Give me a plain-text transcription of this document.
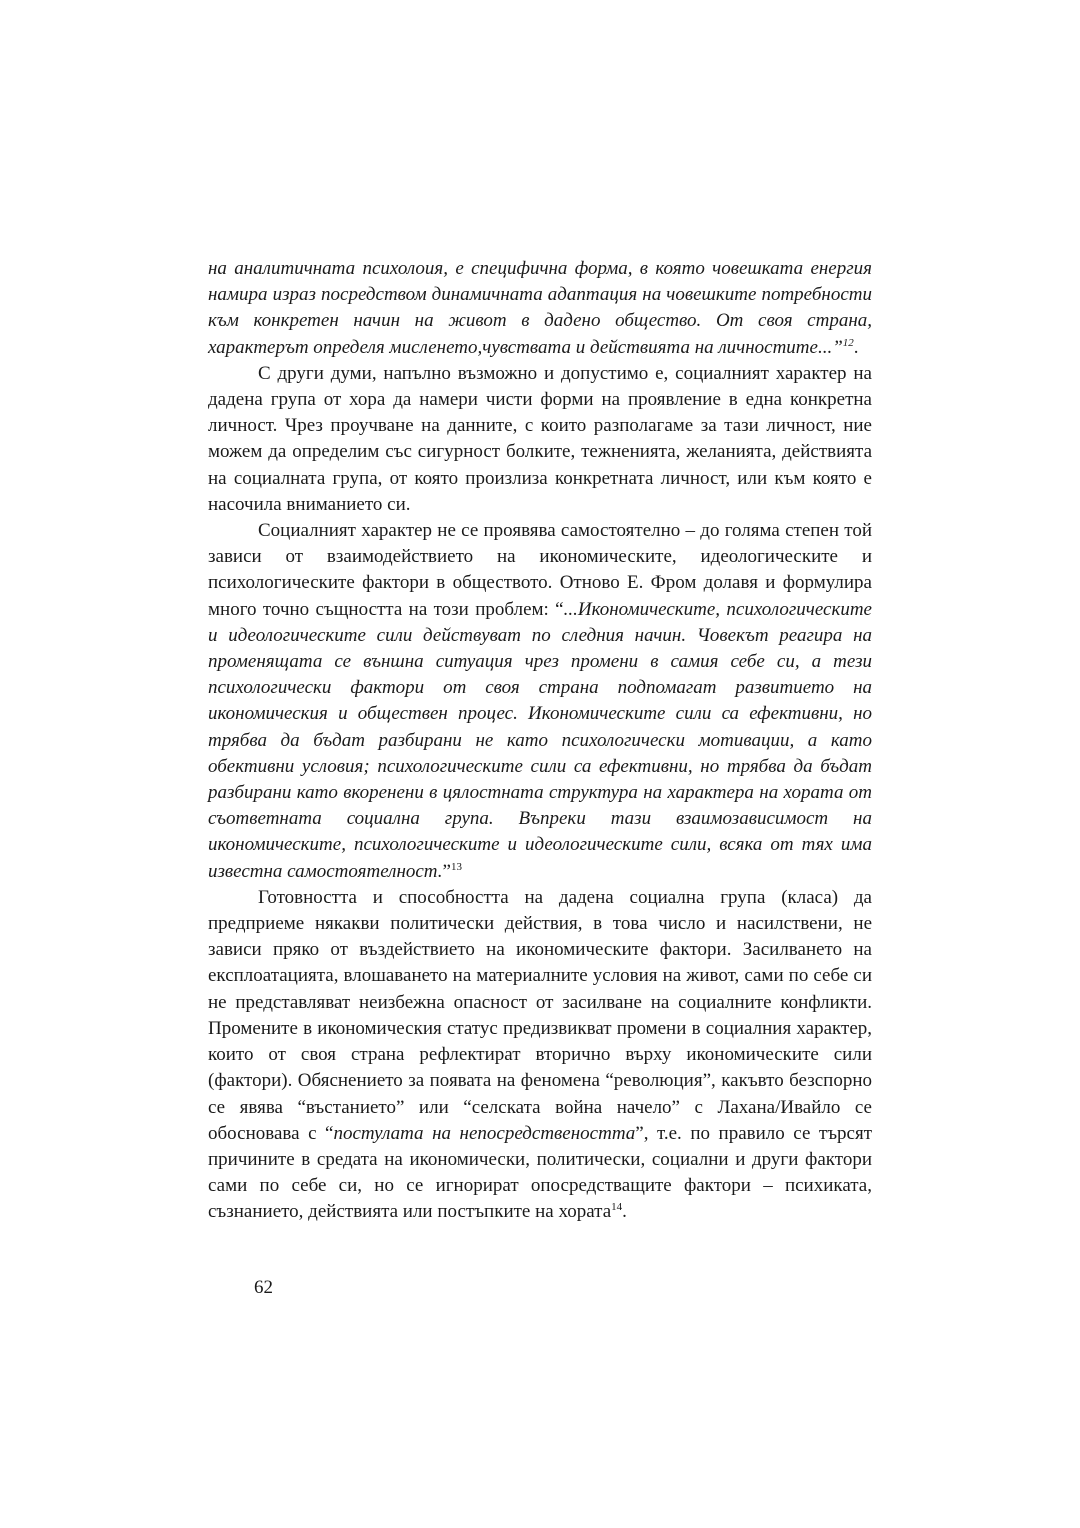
на аналитичната психолоия, е специфична форма, в която човешката енергия намира израз посредством динамичната адаптация на човешките потребности към конкретен начин на живот в дадено общество. От своя страна, характерът определя мисленето,чувствата и действията на личностите...”$^{12}$.

С други думи, напълно възможно и допустимо е, социалният характер на дадена група от хора да намери чисти форми на проявление в една конкретна личност. Чрез проучване на данните, с които разполагаме за тази личност, ние можем да определим със сигурност болките, тежненията, желанията, действията на социалната група, от която произлиза конкретната личност, или към която е насочила вниманието си.

Социалният характер не се проявява самостоятелно – до голяма степен той зависи от взаимодействието на икономическите, идеологическите и психологическите фактори в обществото. Отново Е. Фром долавя и формулира много точно същността на този проблем: “...Икономическите, психологическите и идеологическите сили действуват по следния начин. Човекът реагира на променящата се външна ситуация чрез промени в самия себе си, а тези психологически фактори от своя страна подпомагат развитието на икономическия и обществен процес. Икономическите сили са ефективни, но трябва да бъдат разбирани не като психологически мотивации, а като обективни условия; психологическите сили са ефективни, но трябва да бъдат разбирани като вкоренени в цялостната структура на характера на хората от съответната социална група. Въпреки тази взаимозависимост на икономическите, психологическите и идеологическите сили, всяка от тях има известна самостоятелност.”$^{13}$

Готовността и способността на дадена социална група (класа) да предприеме някакви политически действия, в това число и насилствени, не зависи пряко от въздействието на икономическите фактори. Засилването на експлоатацията, влошаването на материалните условия на живот, сами по себе си не представляват неизбежна опасност от засилване на социалните конфликти. Промените в икономическия статус предизвикват промени в социалния характер, които от своя страна рефлектират вторично върху икономическите сили (фактори). Обяснението за появата на феномена “революция”, какъвто безспорно се явява “въстанието” или “селската война начело” с Лахана/Ивайло се обосновава с “постулата на непосредствеността”, т.е. по правило се търсят причините в средата на икономически, политически, социални и други фактори сами по себе си, но се игнорират опосредстващите фактори – психиката, съзнанието, действията или постъпките на хората$^{14}$.

62
